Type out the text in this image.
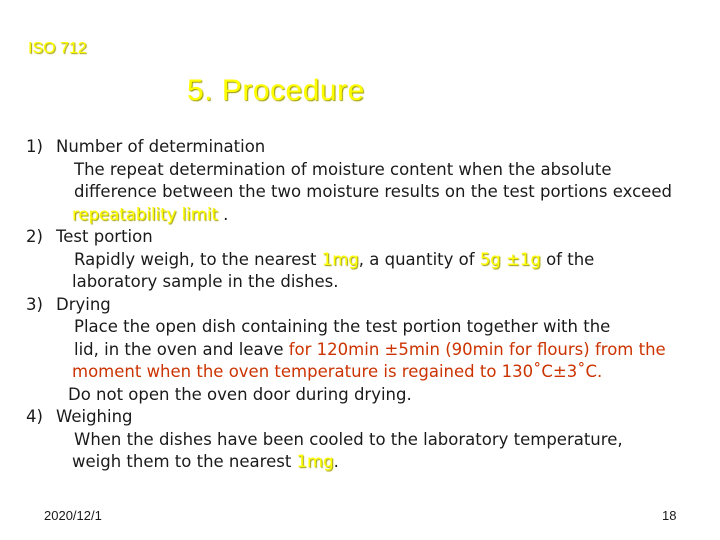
ISO 712
5. Procedure
1) Number of determination
The repeat determination of moisture content when the absolute
difference between the two moisture results on the test portions exceed
repeatability limit .
2) Test portion
Rapidly weigh, to the nearest 1mg, a quantity of 5g ±1g of the
laboratory sample in the dishes.
3) Drying
Place the open dish containing the test portion together with the
lid, in the oven and leave for 120min ±5min (90min for flours) from the
moment when the oven temperature is regained to 130˚C±3˚C.
Do not open the oven door during drying.
4) Weighing
When the dishes have been cooled to the laboratory temperature,
weigh them to the nearest 1mg.
2020/12/1	18
